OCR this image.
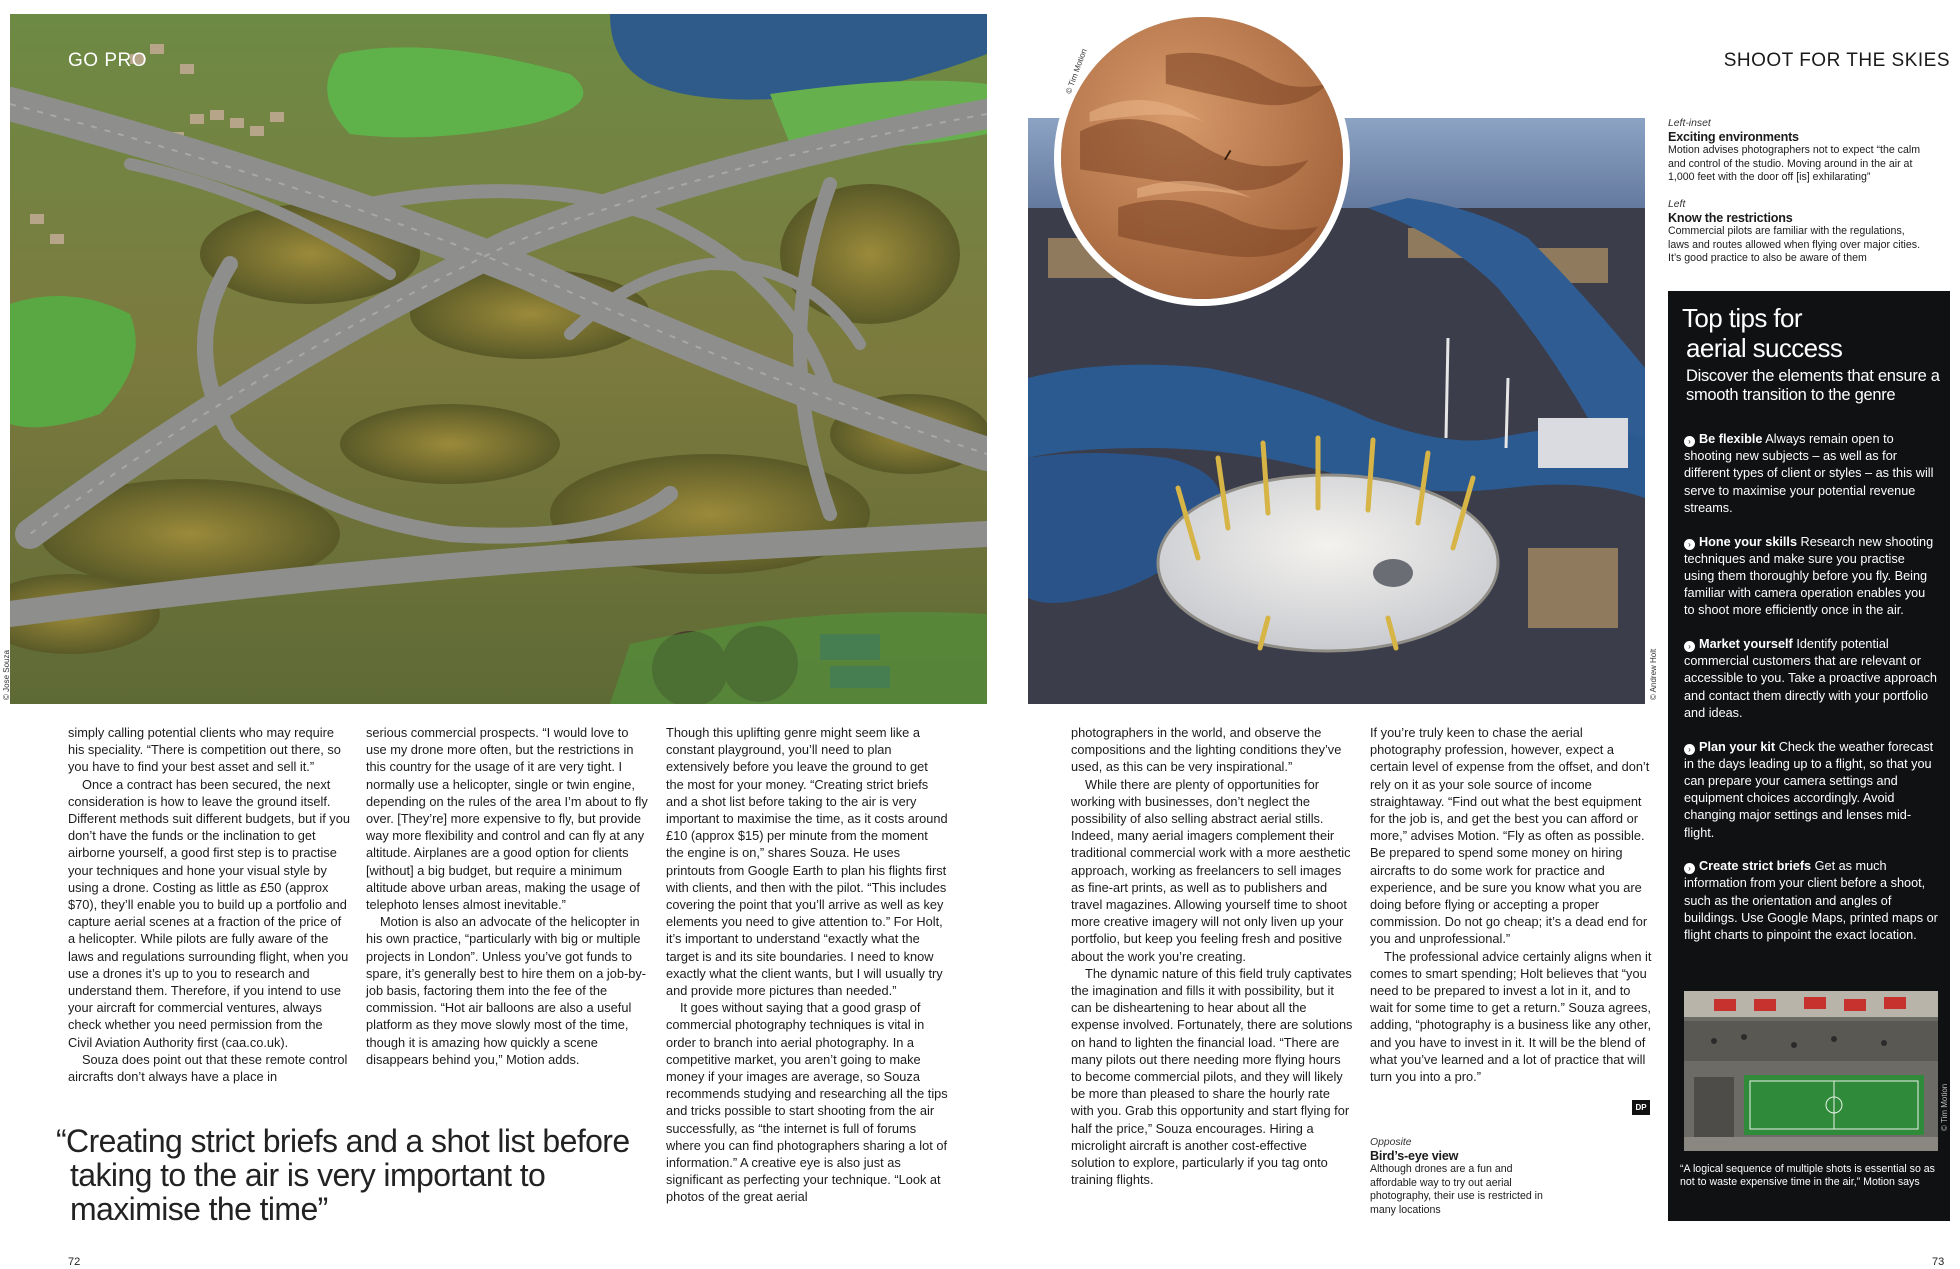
GO PRO
© Jose Souza	© Andrew Holt
© Tim Motion	SHOOT FOR THE SKIES
Left-inset
Exciting environments
Motion advises photographers not to expect “the calm and control of the studio. Moving around in the air at 1,000 feet with the door off [is] exhilarating”
Left
Know the restrictions
Commercial pilots are familiar with the regulations, laws and routes allowed when flying over major cities. It’s good practice to also be aware of them

simply calling potential clients who may require his speciality. “There is competition out there, so you have to find your best asset and sell it.”

Once a contract has been secured, the next consideration is how to leave the ground itself. Different methods suit different budgets, but if you don’t have the funds or the inclination to get airborne yourself, a good first step is to practise your techniques and hone your visual style by using a drone. Costing as little as £50 (approx $70), they’ll enable you to build up a portfolio and capture aerial scenes at a fraction of the price of a helicopter. While pilots are fully aware of the laws and regulations surrounding flight, when you use a drones it’s up to you to research and understand them. Therefore, if you intend to use your aircraft for commercial ventures, always check whether you need permission from the Civil Aviation Authority first (caa.co.uk).

Souza does point out that these remote control aircrafts don’t always have a place in

serious commercial prospects. “I would love to use my drone more often, but the restrictions in this country for the usage of it are very tight. I normally use a helicopter, single or twin engine, depending on the rules of the area I’m about to fly over. [They’re] more expensive to fly, but provide way more flexibility and control and can fly at any altitude. Airplanes are a good option for clients [without] a big budget, but require a minimum altitude above urban areas, making the usage of telephoto lenses almost inevitable.”

Motion is also an advocate of the helicopter in his own practice, “particularly with big or multiple projects in London”. Unless you’ve got funds to spare, it’s generally best to hire them on a job-by-job basis, factoring them into the fee of the commission. “Hot air balloons are also a useful platform as they move slowly most of the time, though it is amazing how quickly a scene disappears behind you,” Motion adds.

Though this uplifting genre might seem like a constant playground, you’ll need to plan extensively before you leave the ground to get the most for your money. “Creating strict briefs and a shot list before taking to the air is very important to maximise the time, as it costs around £10 (approx $15) per minute from the moment the engine is on,” shares Souza. He uses printouts from Google Earth to plan his flights first with clients, and then with the pilot. “This includes covering the point that you’ll arrive as well as key elements you need to give attention to.” For Holt, it’s important to understand “exactly what the target is and its site boundaries. I need to know exactly what the client wants, but I will usually try and provide more pictures than needed.”

It goes without saying that a good grasp of commercial photography techniques is vital in order to branch into aerial photography. In a competitive market, you aren’t going to make money if your images are average, so Souza recommends studying and researching all the tips and tricks possible to start shooting from the air successfully, as “the internet is full of forums where you can find photographers sharing a lot of information.” A creative eye is also just as significant as perfecting your technique. “Look at photos of the great aerial

photographers in the world, and observe the compositions and the lighting conditions they’ve used, as this can be very inspirational.”

While there are plenty of opportunities for working with businesses, don’t neglect the possibility of also selling abstract aerial stills. Indeed, many aerial imagers complement their traditional commercial work with a more aesthetic approach, working as freelancers to sell images as fine-art prints, as well as to publishers and travel magazines. Allowing yourself time to shoot more creative imagery will not only liven up your portfolio, but keep you feeling fresh and positive about the work you’re creating.

The dynamic nature of this field truly captivates the imagination and fills it with possibility, but it can be disheartening to hear about all the expense involved. Fortunately, there are solutions on hand to lighten the financial load. “There are many pilots out there needing more flying hours to become commercial pilots, and they will likely be more than pleased to share the hourly rate with you. Grab this opportunity and start flying for half the price,” Souza encourages. Hiring a microlight aircraft is another cost-effective solution to explore, particularly if you tag onto training flights.

If you’re truly keen to chase the aerial photography profession, however, expect a certain level of expense from the offset, and don’t rely on it as your sole source of income straightaway. “Find out what the best equipment for the job is, and get the best you can afford or more,” advises Motion. “Fly as often as possible. Be prepared to spend some money on hiring aircrafts to do some work for practice and experience, and be sure you know what you are doing before flying or accepting a proper commission. Do not go cheap; it’s a dead end for you and unprofessional.”

The professional advice certainly aligns when it comes to smart spending; Holt believes that “you need to be prepared to invest a lot in it, and to wait for some time to get a return.” Souza agrees, adding, “photography is a business like any other, and you have to invest in it. It will be the blend of what you’ve learned and a lot of practice that will turn you into a pro.”

DP
Opposite
Bird’s-eye view
Although drones are a fun and affordable way to try out aerial photography, their use is restricted in many locations
“Creating strict briefs and a shot list before
taking to the air is very important to
maximise the time”
Top tips for
aerial success
Discover the elements that ensure a smooth transition to the genre
› Be flexible Always remain open to shooting new subjects – as well as for different types of client or styles – as this will serve to maximise your potential revenue streams.
› Hone your skills Research new shooting techniques and make sure you practise using them thoroughly before you fly. Being familiar with camera operation enables you to shoot more efficiently once in the air.
› Market yourself Identify potential commercial customers that are relevant or accessible to you. Take a proactive approach and contact them directly with your portfolio and ideas.
› Plan your kit Check the weather forecast in the days leading up to a flight, so that you can prepare your camera settings and equipment choices accordingly. Avoid changing major settings and lenses mid-flight.
› Create strict briefs Get as much information from your client before a shoot, such as the orientation and angles of buildings. Use Google Maps, printed maps or flight charts to pinpoint the exact location.
© Tim Motion
“A logical sequence of multiple shots is essential so as not to waste expensive time in the air,” Motion says
72	73
